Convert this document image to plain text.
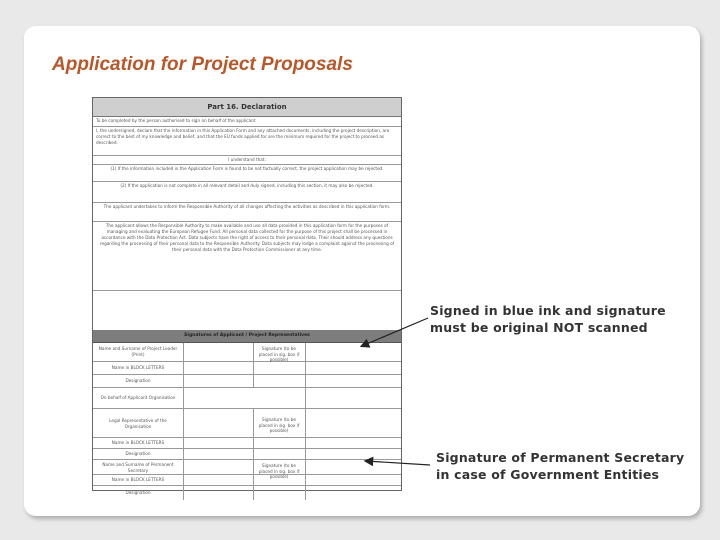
Application for Project Proposals
Part 16. Declaration
To be completed by the person authorised to sign on behalf of the applicant
I, the undersigned, declare that the information in this Application Form and any attached documents, including the project description, are correct to the best of my knowledge and belief, and that the EU funds applied for are the minimum required for the project to proceed as described.
I understand that:
(1) If the information included in the Application Form is found to be not factually correct, the project application may be rejected.
(2) If the application is not complete in all relevant detail and duly signed, including this section, it may also be rejected.
The applicant undertakes to inform the Responsible Authority of all changes affecting the activities as described in this application form.
The applicant allows the Responsible Authority to make available and use all data provided in this application form for the purposes of managing and evaluating the European Refugee Fund. All personal data collected for the purpose of this project shall be processed in accordance with the Data Protection Act. Data subjects have the right of access to their personal data. Their should address any questions regarding the processing of their personal data to the Responsible Authority. Data subjects may lodge a complaint against the processing of their personal data with the Data Protection Commissioner at any time.
Signatures of Applicant / Project Representatives
Name and Surname of Project Leader (Print)
Signature (to be placed in sig. box if possible)
Name in BLOCK LETTERS
Designation
On behalf of Applicant Organisation
Legal Representative of the Organisation
Signature (to be placed in sig. box if possible)
Name in BLOCK LETTERS
Designation
Name and Surname of Permanent Secretary
Signature (to be placed in sig. box if possible)
Name in BLOCK LETTERS
Designation
Signed in blue ink and signature must be original NOT scanned
Signature of Permanent Secretary in case of Government Entities
